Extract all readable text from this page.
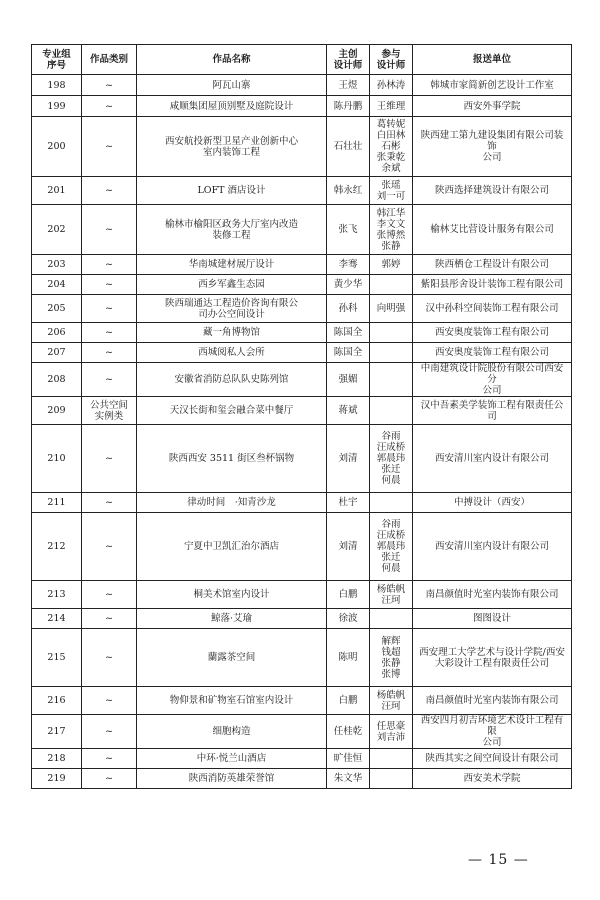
专业组
序号	作品类别	作品名称	主创
设计师	参与
设计师	报送单位
198	~	阿瓦山寨	王煜	孙林涛	韩城市家简新创艺设计工作室
199	~	咸顺集团屋顶别墅及庭院设计	陈丹鹏	王维理	西安外事学院
200	~	西安航投新型卫星产业创新中心
室内装饰工程	石壮壮	葛转妮
白田林
石彬
张秉乾
余斌	陕西建工第九建设集团有限公司装饰
公司
201	~	LOFT 酒店设计	韩永红	张瑶
刘一可	陕西选择建筑设计有限公司
202	~	榆林市榆阳区政务大厅室内改造
装修工程	张飞	韩江华
李文文
张博然
张静	榆林艾比营设计服务有限公司
203	~	华南城建材展厅设计	李骞	郭婷	陕西栖仓工程设计有限公司
204	~	西乡军鑫生态园	黄少华		紫阳县彤舍设计装饰工程有限公司
205	~	陕西瑞通达工程造价咨询有限公
司办公空间设计	孙科	向明强	汉中孙科空间装饰工程有限公司
206	~	藏一角博物馆	陈国全		西安奥度装饰工程有限公司
207	~	西城阅私人会所	陈国全		西安奥度装饰工程有限公司
208	~	安徽省消防总队队史陈列馆	强媚		中南建筑设计院股份有限公司西安分
公司
209	公共空间
实例类	天汉长街和玺会融合菜中餐厅	蒋斌		汉中吾素美学装饰工程有限责任公司
210	~	陕西西安 3511 街区叁杯锅物	刘清	谷雨
汪成桥
郭晨玮
张迁
何晨	西安清川室内设计有限公司
211	~	律动时间　·知青沙龙	杜宇		中搏设计（西安）
212	~	宁夏中卫凯汇治尔酒店	刘清	谷雨
汪成桥
郭晨玮
张迁
何晨	西安清川室内设计有限公司
213	~	桐美术馆室内设计	白鹏	杨皓帆
汪珂	南昌颜值时光室内装饰有限公司
214	~	鲸落·艾瑜	徐波		图图设计
215	~	蘭露茶空间	陈明	解辉
钱超
张静
张博	西安理工大学艺术与设计学院/西安
大彩设计工程有限责任公司
216	~	物仰景和矿物室石馆室内设计	白鹏	杨皓帆
汪珂	南昌颜值时光室内装饰有限公司
217	~	细胞构造	任桂乾	任思豪
刘吉沛	西安四月初吉环境艺术设计工程有限
公司
218	~	中环·悦兰山酒店	旷佳恒		陕西其实之间空间设计有限公司
219	~	陕西消防英雄荣誉馆	朱文华		西安美术学院
— 15 —
